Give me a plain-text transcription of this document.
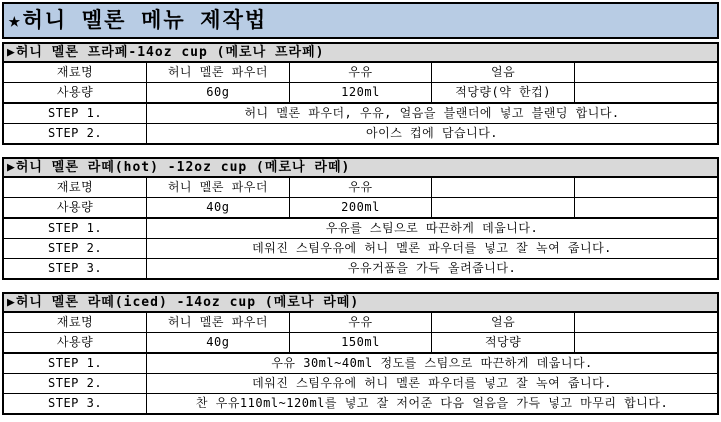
★허니 멜론 메뉴 제작법
▶허니 멜론 프라페-14oz cup (메로나 프라페)
재료명	허니 멜론 파우더	우유	얼음	
사용량	60g	120ml	적당량(약 한컵)	
STEP 1.	허니 멜론 파우더, 우유, 얼음을 블랜더에 넣고 블랜딩 합니다.			
STEP 2.	아이스 컵에 담습니다.			
▶허니 멜론 라떼(hot) -12oz cup (메로나 라떼)
재료명	허니 멜론 파우더	우유		
사용량	40g	200ml		
STEP 1.	우유를 스팀으로 따끈하게 데웁니다.			
STEP 2.	데워진 스팀우유에 허니 멜론 파우더를 넣고 잘 녹여 줍니다.			
STEP 3.	우유거품을 가득 올려줍니다.			
▶허니 멜론 라떼(iced) -14oz cup (메로나 라떼)
재료명	허니 멜론 파우더	우유	얼음	
사용량	40g	150ml	적당량	
STEP 1.	우유 30ml~40ml 정도를 스팀으로 따끈하게 데웁니다.			
STEP 2.	데워진 스팀우유에 허니 멜론 파우더를 넣고 잘 녹여 줍니다.			
STEP 3.	찬 우유110ml~120ml를 넣고 잘 저어준 다음 얼음을 가득 넣고 마무리 합니다.			
